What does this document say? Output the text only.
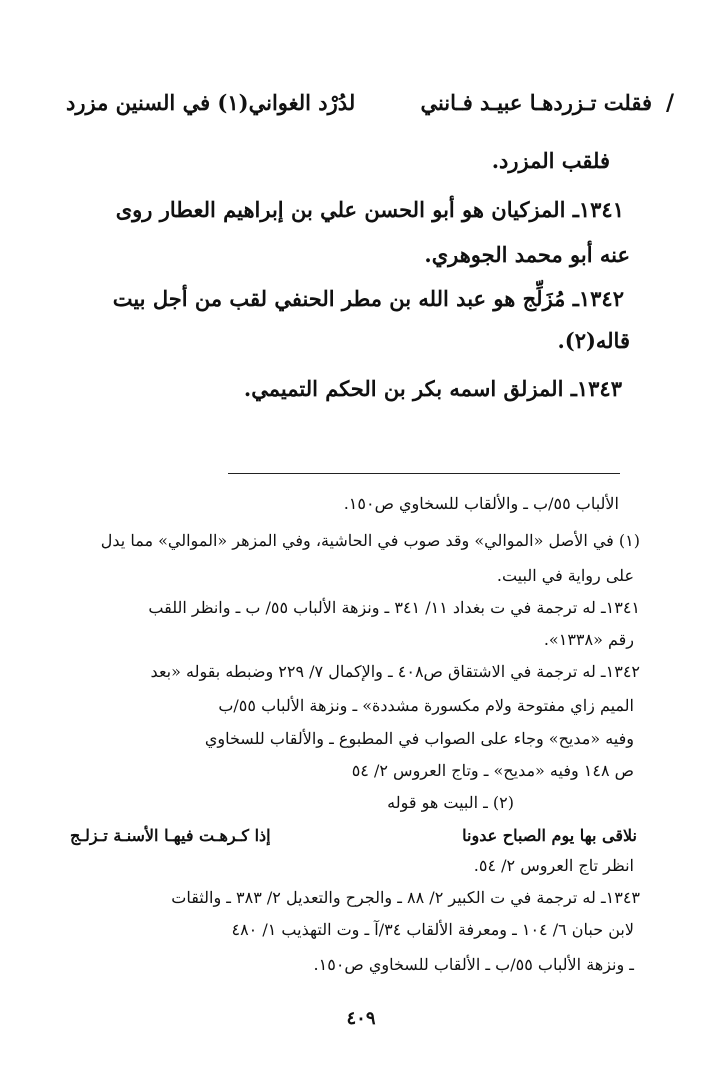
/
فقلت تـزردهـا عبيـد فـانني
لدُرْد الغواني(١) في السنين مزرد
فلقب المزرد.
١٣٤١ـ المزكيان هو أبو الحسن علي بن إبراهيم العطار روى
عنه أبو محمد الجوهري.
١٣٤٢ـ مُزَلِّج هو عبد الله بن مطر الحنفي لقب من أجل بيت
قاله(٢).
١٣٤٣ـ المزلق اسمه بكر بن الحكم التميمي.
الألباب ٥٥/ب ـ والألقاب للسخاوي ص١٥٠.
(١) في الأصل «الموالي» وقد صوب في الحاشية، وفي المزهر «الموالي» مما يدل
على رواية في البيت.
١٣٤١ـ له ترجمة في ت بغداد ١١/ ٣٤١ ـ ونزهة الألباب ٥٥/ ب ـ وانظر اللقب
رقم «١٣٣٨».
١٣٤٢ـ له ترجمة في الاشتقاق ص٤٠٨ ـ والإكمال ٧/ ٢٢٩ وضبطه بقوله «بعد
الميم زاي مفتوحة ولام مكسورة مشددة» ـ ونزهة الألباب ٥٥/ب
وفيه «مديح» وجاء على الصواب في المطبوع ـ والألقاب للسخاوي
ص ١٤٨ وفيه «مديح» ـ وتاج العروس ٢/ ٥٤
(٢) ـ البيت هو قوله
نلاقى بها يوم الصباح عدونا
إذا كـرهـت فيهـا الأسنـة تـزلـج
انظر تاج العروس ٢/ ٥٤.
١٣٤٣ـ له ترجمة في ت الكبير ٢/ ٨٨ ـ والجرح والتعديل ٢/ ٣٨٣ ـ والثقات
لابن حبان ٦/ ١٠٤ ـ ومعرفة الألقاب ٣٤/آ ـ وت التهذيب ١/ ٤٨٠
ـ ونزهة الألباب ٥٥/ب ـ الألقاب للسخاوي ص١٥٠.
٤٠٩
